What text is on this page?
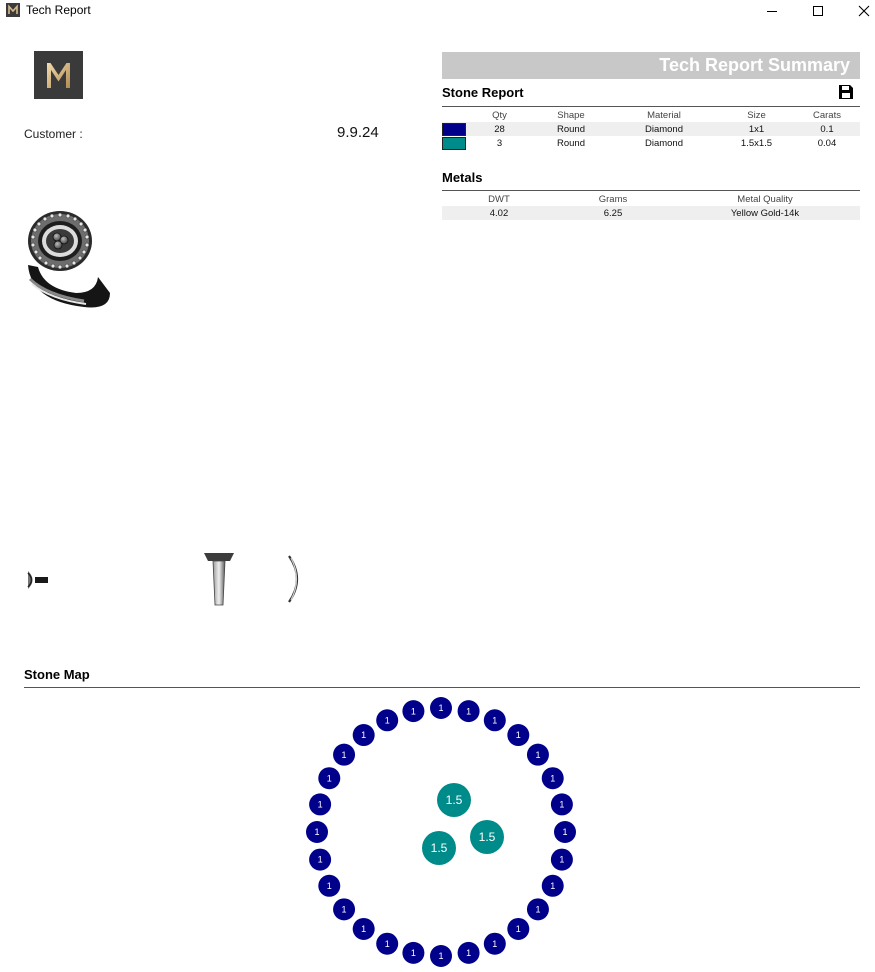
Tech Report
Customer :	9.9.24
Tech Report Summary
Stone Report
	Qty	Shape	Material	Size	Carats
	28	Round	Diamond	1x1	0.1
	3	Round	Diamond	1.5x1.5	0.04
Metals
DWT	Grams	Metal Quality
4.02	6.25	Yellow Gold-14k
Stone Map
1	1
1
1
1
1
1
1
1
1
1
1
1
1
1
1
1
1
1
1
1
1
1
1
1
1
1
1
1.5
1.5
1.5
